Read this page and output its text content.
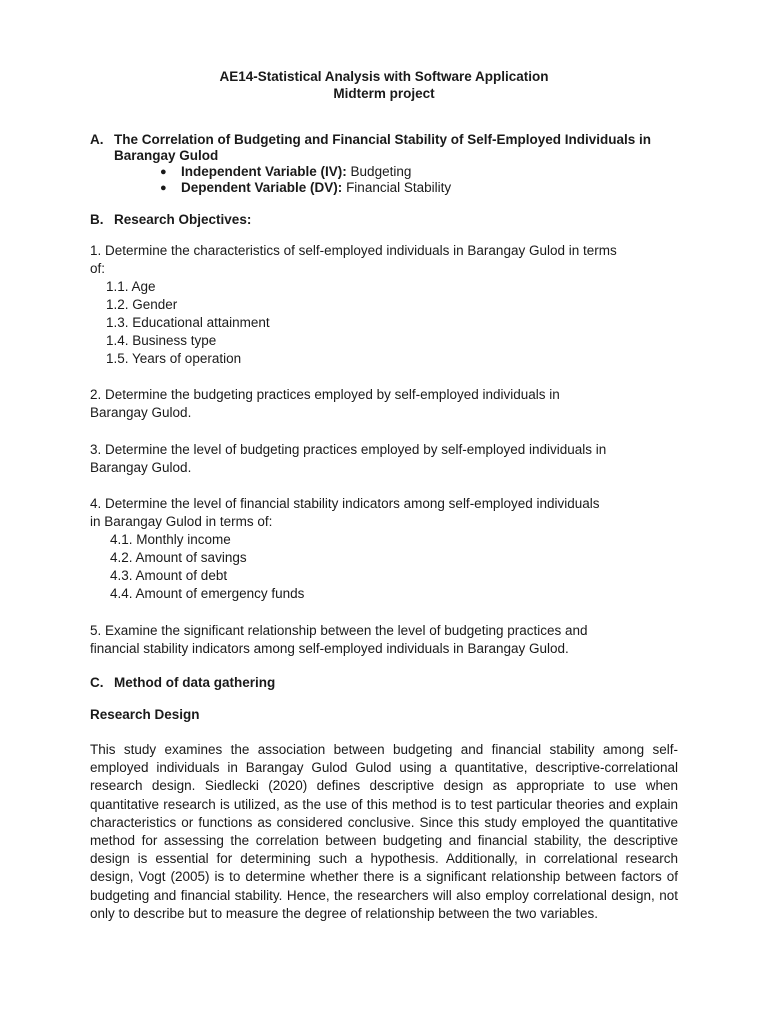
AE14-Statistical Analysis with Software Application
Midterm project
A. The Correlation of Budgeting and Financial Stability of Self-Employed Individuals in
Barangay Gulod
● Independent Variable (IV): Budgeting
● Dependent Variable (DV): Financial Stability
B. Research Objectives:
1. Determine the characteristics of self-employed individuals in Barangay Gulod in terms
of:
1.1. Age
1.2. Gender
1.3. Educational attainment
1.4. Business type
1.5. Years of operation
2. Determine the budgeting practices employed by self-employed individuals in
Barangay Gulod.
3. Determine the level of budgeting practices employed by self-employed individuals in
Barangay Gulod.
4. Determine the level of financial stability indicators among self-employed individuals
in Barangay Gulod in terms of:
4.1. Monthly income
4.2. Amount of savings
4.3. Amount of debt
4.4. Amount of emergency funds
5. Examine the significant relationship between the level of budgeting practices and
financial stability indicators among self-employed individuals in Barangay Gulod.
C. Method of data gathering
Research Design
This study examines the association between budgeting and financial stability among self-employed individuals in Barangay Gulod Gulod using a quantitative, descriptive-correlational research design. Siedlecki (2020) defines descriptive design as appropriate to use when quantitative research is utilized, as the use of this method is to test particular theories and explain characteristics or functions as considered conclusive. Since this study employed the quantitative method for assessing the correlation between budgeting and financial stability, the descriptive design is essential for determining such a hypothesis. Additionally, in correlational research design, Vogt (2005) is to determine whether there is a significant relationship between factors of budgeting and financial stability. Hence, the researchers will also employ correlational design, not only to describe but to measure the degree of relationship between the two variables.
